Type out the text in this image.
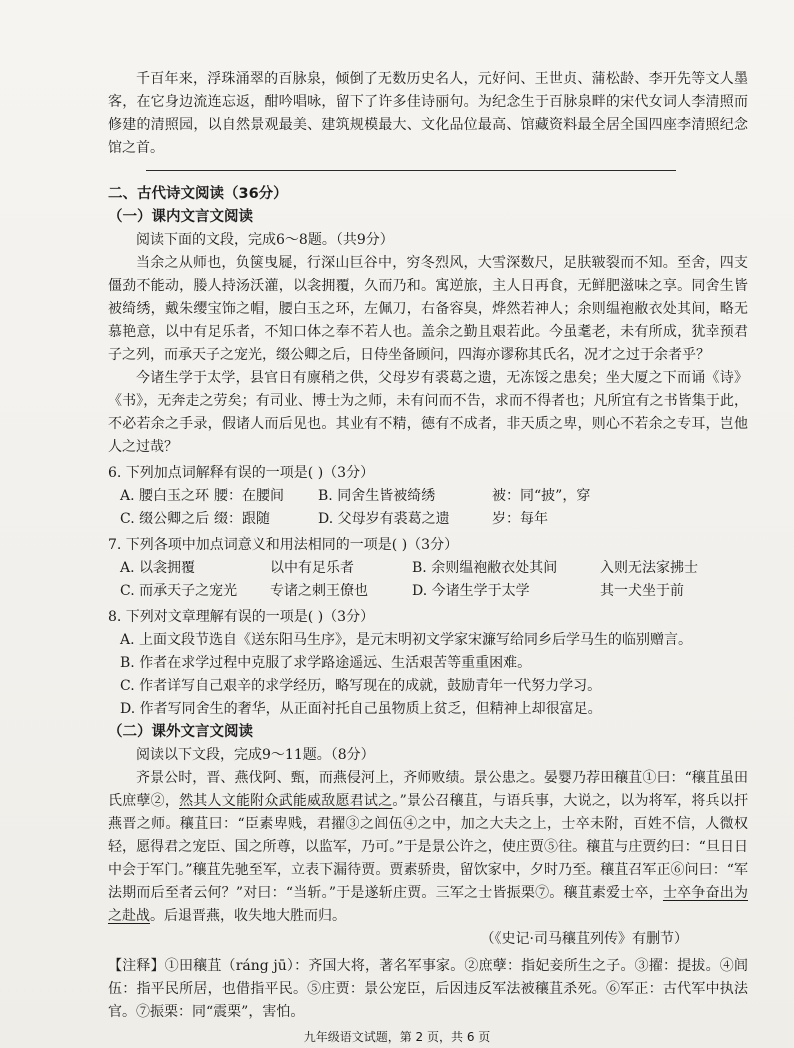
千百年来，浮珠涌翠的百脉泉，倾倒了无数历史名人，元好问、王世贞、蒲松龄、李开先等文人墨客，在它身边流连忘返，酣吟唱咏，留下了许多佳诗丽句。为纪念生于百脉泉畔的宋代女词人李清照而修建的清照园，以自然景观最美、建筑规模最大、文化品位最高、馆藏资料最全居全国四座李清照纪念馆之首。

二、古代诗文阅读（36分）

（一）课内文言文阅读

阅读下面的文段，完成6～8题。（共9分）

当余之从师也，负箧曳屣，行深山巨谷中，穷冬烈风，大雪深数尺，足肤皲裂而不知。至舍，四支僵劲不能动，媵人持汤沃灌，以衾拥覆，久而乃和。寓逆旅，主人日再食，无鲜肥滋味之享。同舍生皆被绮绣，戴朱缨宝饰之帽，腰白玉之环，左佩刀，右备容臭，烨然若神人；余则缊袍敝衣处其间，略无慕艳意，以中有足乐者，不知口体之奉不若人也。盖余之勤且艰若此。今虽耄老，未有所成，犹幸预君子之列，而承天子之宠光，缀公卿之后，日侍坐备顾问，四海亦谬称其氏名，况才之过于余者乎？

今诸生学于太学，县官日有廪稍之供，父母岁有裘葛之遗，无冻馁之患矣；坐大厦之下而诵《诗》《书》，无奔走之劳矣；有司业、博士为之师，未有问而不告，求而不得者也；凡所宜有之书皆集于此，不必若余之手录，假诸人而后见也。其业有不精，德有不成者，非天质之卑，则心不若余之专耳，岂他人之过哉？

6. 下列加点词解释有误的一项是( )（3分）

A. 腰白玉之环 腰：在腰间	B. 同舍生皆被绮绣	被：同“披”，穿
C. 缀公卿之后 缀：跟随	D. 父母岁有裘葛之遗	岁：每年

7. 下列各项中加点词意义和用法相同的一项是( )（3分）

A. 以衾拥覆	以中有足乐者	B. 余则缊袍敝衣处其间	入则无法家拂士
C. 而承天子之宠光	专诸之刺王僚也	D. 今诸生学于太学	其一犬坐于前

8. 下列对文章理解有误的一项是( )（3分）

A. 上面文段节选自《送东阳马生序》，是元末明初文学家宋濂写给同乡后学马生的临别赠言。

B. 作者在求学过程中克服了求学路途遥远、生活艰苦等重重困难。

C. 作者详写自己艰辛的求学经历，略写现在的成就，鼓励青年一代努力学习。

D. 作者写同舍生的奢华，从正面衬托自己虽物质上贫乏，但精神上却很富足。

（二）课外文言文阅读

阅读以下文段，完成9～11题。（8分）

齐景公时，晋、燕伐阿、甄，而燕侵河上，齐师败绩。景公患之。晏婴乃荐田穰苴①曰：“穰苴虽田氏庶孽②，然其人文能附众武能威敌愿君试之。”景公召穰苴，与语兵事，大说之，以为将军，将兵以扞燕晋之师。穰苴曰：“臣素卑贱，君擢③之闾伍④之中，加之大夫之上，士卒未附，百姓不信，人微权轻，愿得君之宠臣、国之所尊，以监军，乃可。”于是景公许之，使庄贾⑤往。穰苴与庄贾约曰：“旦日日中会于军门。”穰苴先驰至军，立表下漏待贾。贾素骄贵，留饮家中，夕时乃至。穰苴召军正⑥问曰：“军法期而后至者云何？”对曰：“当斩。”于是遂斩庄贾。三军之士皆振栗⑦。穰苴素爱士卒，士卒争奋出为之赴战。后退晋燕，收失地大胜而归。

（《史记·司马穰苴列传》有删节）

【注释】①田穰苴（ráng jū）：齐国大将，著名军事家。②庶孽：指妃妾所生之子。③擢：提拔。④闾伍：指平民所居，也借指平民。⑤庄贾：景公宠臣，后因违反军法被穰苴杀死。⑥军正：古代军中执法官。⑦振栗：同“震栗”，害怕。

九年级语文试题，第 2 页，共 6 页
